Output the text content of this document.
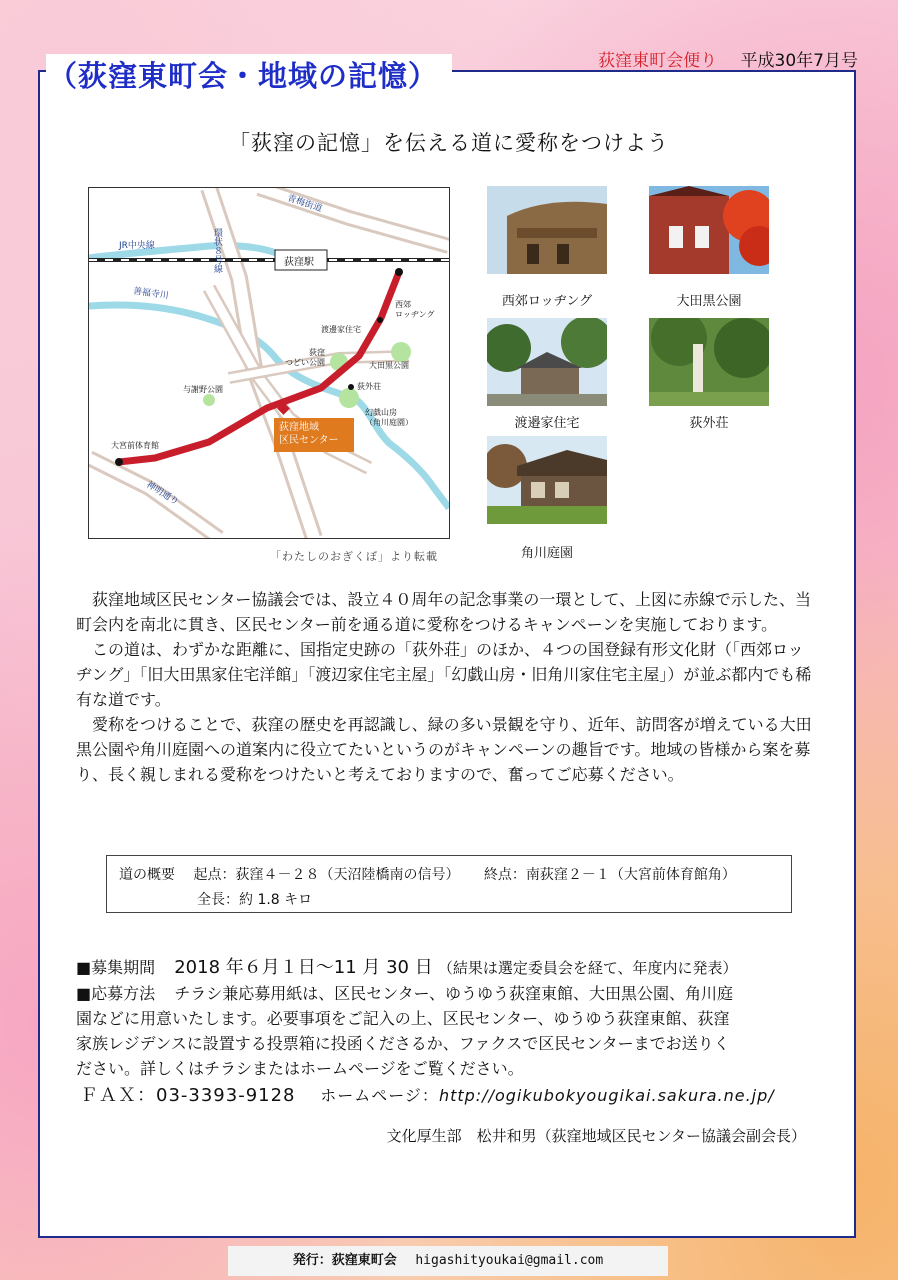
（荻窪東町会・地域の記憶）	荻窪東町会便り 平成30年7月号
「荻窪の記憶」を伝える道に愛称をつけよう
JR中央線
青梅街道
環状８号線	荻窪駅
善福寺川
西郊
ロッヂング
渡邊家住宅
荻窪
つどい公園	大田黒公園
与謝野公園	荻外荘
幻戯山房
（角川庭園）
荻窪地域
区民センター
大宮前体育館
神明通り
「わたしのおぎくぼ」より転載
西郊ロッヂング	大田黒公園
渡邉家住宅	荻外荘
角川庭園

荻窪地域区民センター協議会では、設立４０周年の記念事業の一環として、上図に赤線で示した、当町会内を南北に貫き、区民センター前を通る道に愛称をつけるキャンペーンを実施しております。

この道は、わずかな距離に、国指定史跡の「荻外荘」のほか、４つの国登録有形文化財（「西郊ロッヂング」「旧大田黒家住宅洋館」「渡辺家住宅主屋」「幻戯山房・旧角川家住宅主屋」）が並ぶ都内でも稀有な道です。

愛称をつけることで、荻窪の歴史を再認識し、緑の多い景観を守り、近年、訪問客が増えている大田黒公園や角川庭園への道案内に役立てたいというのがキャンペーンの趣旨です。地域の皆様から案を募り、長く親しまれる愛称をつけたいと考えておりますので、奮ってご応募ください。

道の概要 起点：荻窪４－２８（天沼陸橋南の信号） 終点：南荻窪２－１（大宮前体育館角）
全長：約 1.8 キロ
■募集期間 2018 年６月１日～11 月 30 日 （結果は選定委員会を経て、年度内に発表）
■応募方法 チラシ兼応募用紙は、区民センター、ゆうゆう荻窪東館、大田黒公園、角川庭
園などに用意いたします。必要事項をご記入の上、区民センター、ゆうゆう荻窪東館、荻窪
家族レジデンスに設置する投票箱に投函くださるか、ファクスで区民センターまでお送りく
ださい。詳しくはチラシまたはホームページをご覧ください。
ＦＡＸ：03-3393-9128 ホームページ：http://ogikubokyougikai.sakura.ne.jp/
文化厚生部　松井和男（荻窪地域区民センター協議会副会長）
発行：荻窪東町会 higashityoukai@gmail.com
